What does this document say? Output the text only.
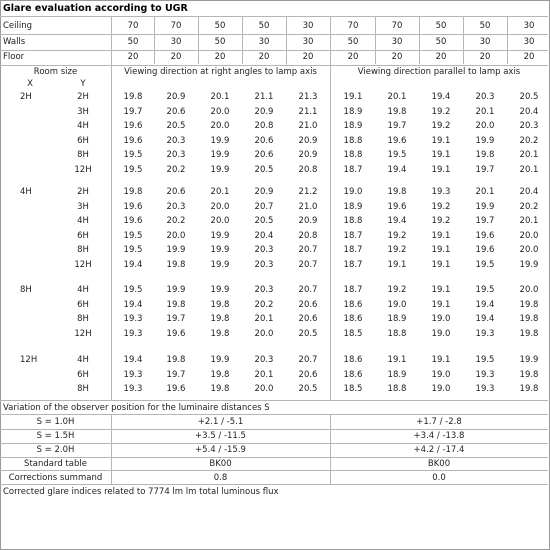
Glare evaluation according to UGR
Ceiling	70	70	50	50	30	70	70	50	50	30
Walls	50	30	50	30	30	50	30	50	30	30
Floor	20	20	20	20	20	20	20	20	20	20
Room size
X	Y
Viewing direction at right angles to lamp axis	Viewing direction parallel to lamp axis
2H	2H	19.8	20.9	20.1	21.1	21.3	19.1	20.1	19.4	20.3	20.5
3H	19.7	20.6	20.0	20.9	21.1	18.9	19.8	19.2	20.1	20.4
4H	19.6	20.5	20.0	20.8	21.0	18.9	19.7	19.2	20.0	20.3
6H	19.6	20.3	19.9	20.6	20.9	18.8	19.6	19.1	19.9	20.2
8H	19.5	20.3	19.9	20.6	20.9	18.8	19.5	19.1	19.8	20.1
12H	19.5	20.2	19.9	20.5	20.8	18.7	19.4	19.1	19.7	20.1
4H	2H	19.8	20.6	20.1	20.9	21.2	19.0	19.8	19.3	20.1	20.4
3H	19.6	20.3	20.0	20.7	21.0	18.9	19.6	19.2	19.9	20.2
4H	19.6	20.2	20.0	20.5	20.9	18.8	19.4	19.2	19.7	20.1
6H	19.5	20.0	19.9	20.4	20.8	18.7	19.2	19.1	19.6	20.0
8H	19.5	19.9	19.9	20.3	20.7	18.7	19.2	19.1	19.6	20.0
12H	19.4	19.8	19.9	20.3	20.7	18.7	19.1	19.1	19.5	19.9
8H	4H	19.5	19.9	19.9	20.3	20.7	18.7	19.2	19.1	19.5	20.0
6H	19.4	19.8	19.8	20.2	20.6	18.6	19.0	19.1	19.4	19.8
8H	19.3	19.7	19.8	20.1	20.6	18.6	18.9	19.0	19.4	19.8
12H	19.3	19.6	19.8	20.0	20.5	18.5	18.8	19.0	19.3	19.8
12H	4H	19.4	19.8	19.9	20.3	20.7	18.6	19.1	19.1	19.5	19.9
6H	19.3	19.7	19.8	20.1	20.6	18.6	18.9	19.0	19.3	19.8
8H	19.3	19.6	19.8	20.0	20.5	18.5	18.8	19.0	19.3	19.8
Variation of the observer position for the luminaire distances S
S = 1.0H	+2.1 / -5.1	+1.7 / -2.8
S = 1.5H	+3.5 / -11.5	+3.4 / -13.8
S = 2.0H	+5.4 / -15.9	+4.2 / -17.4
Standard table	BK00	BK00
Corrections summand	0.8	0.0
Corrected glare indices related to 7774 lm lm total luminous flux
